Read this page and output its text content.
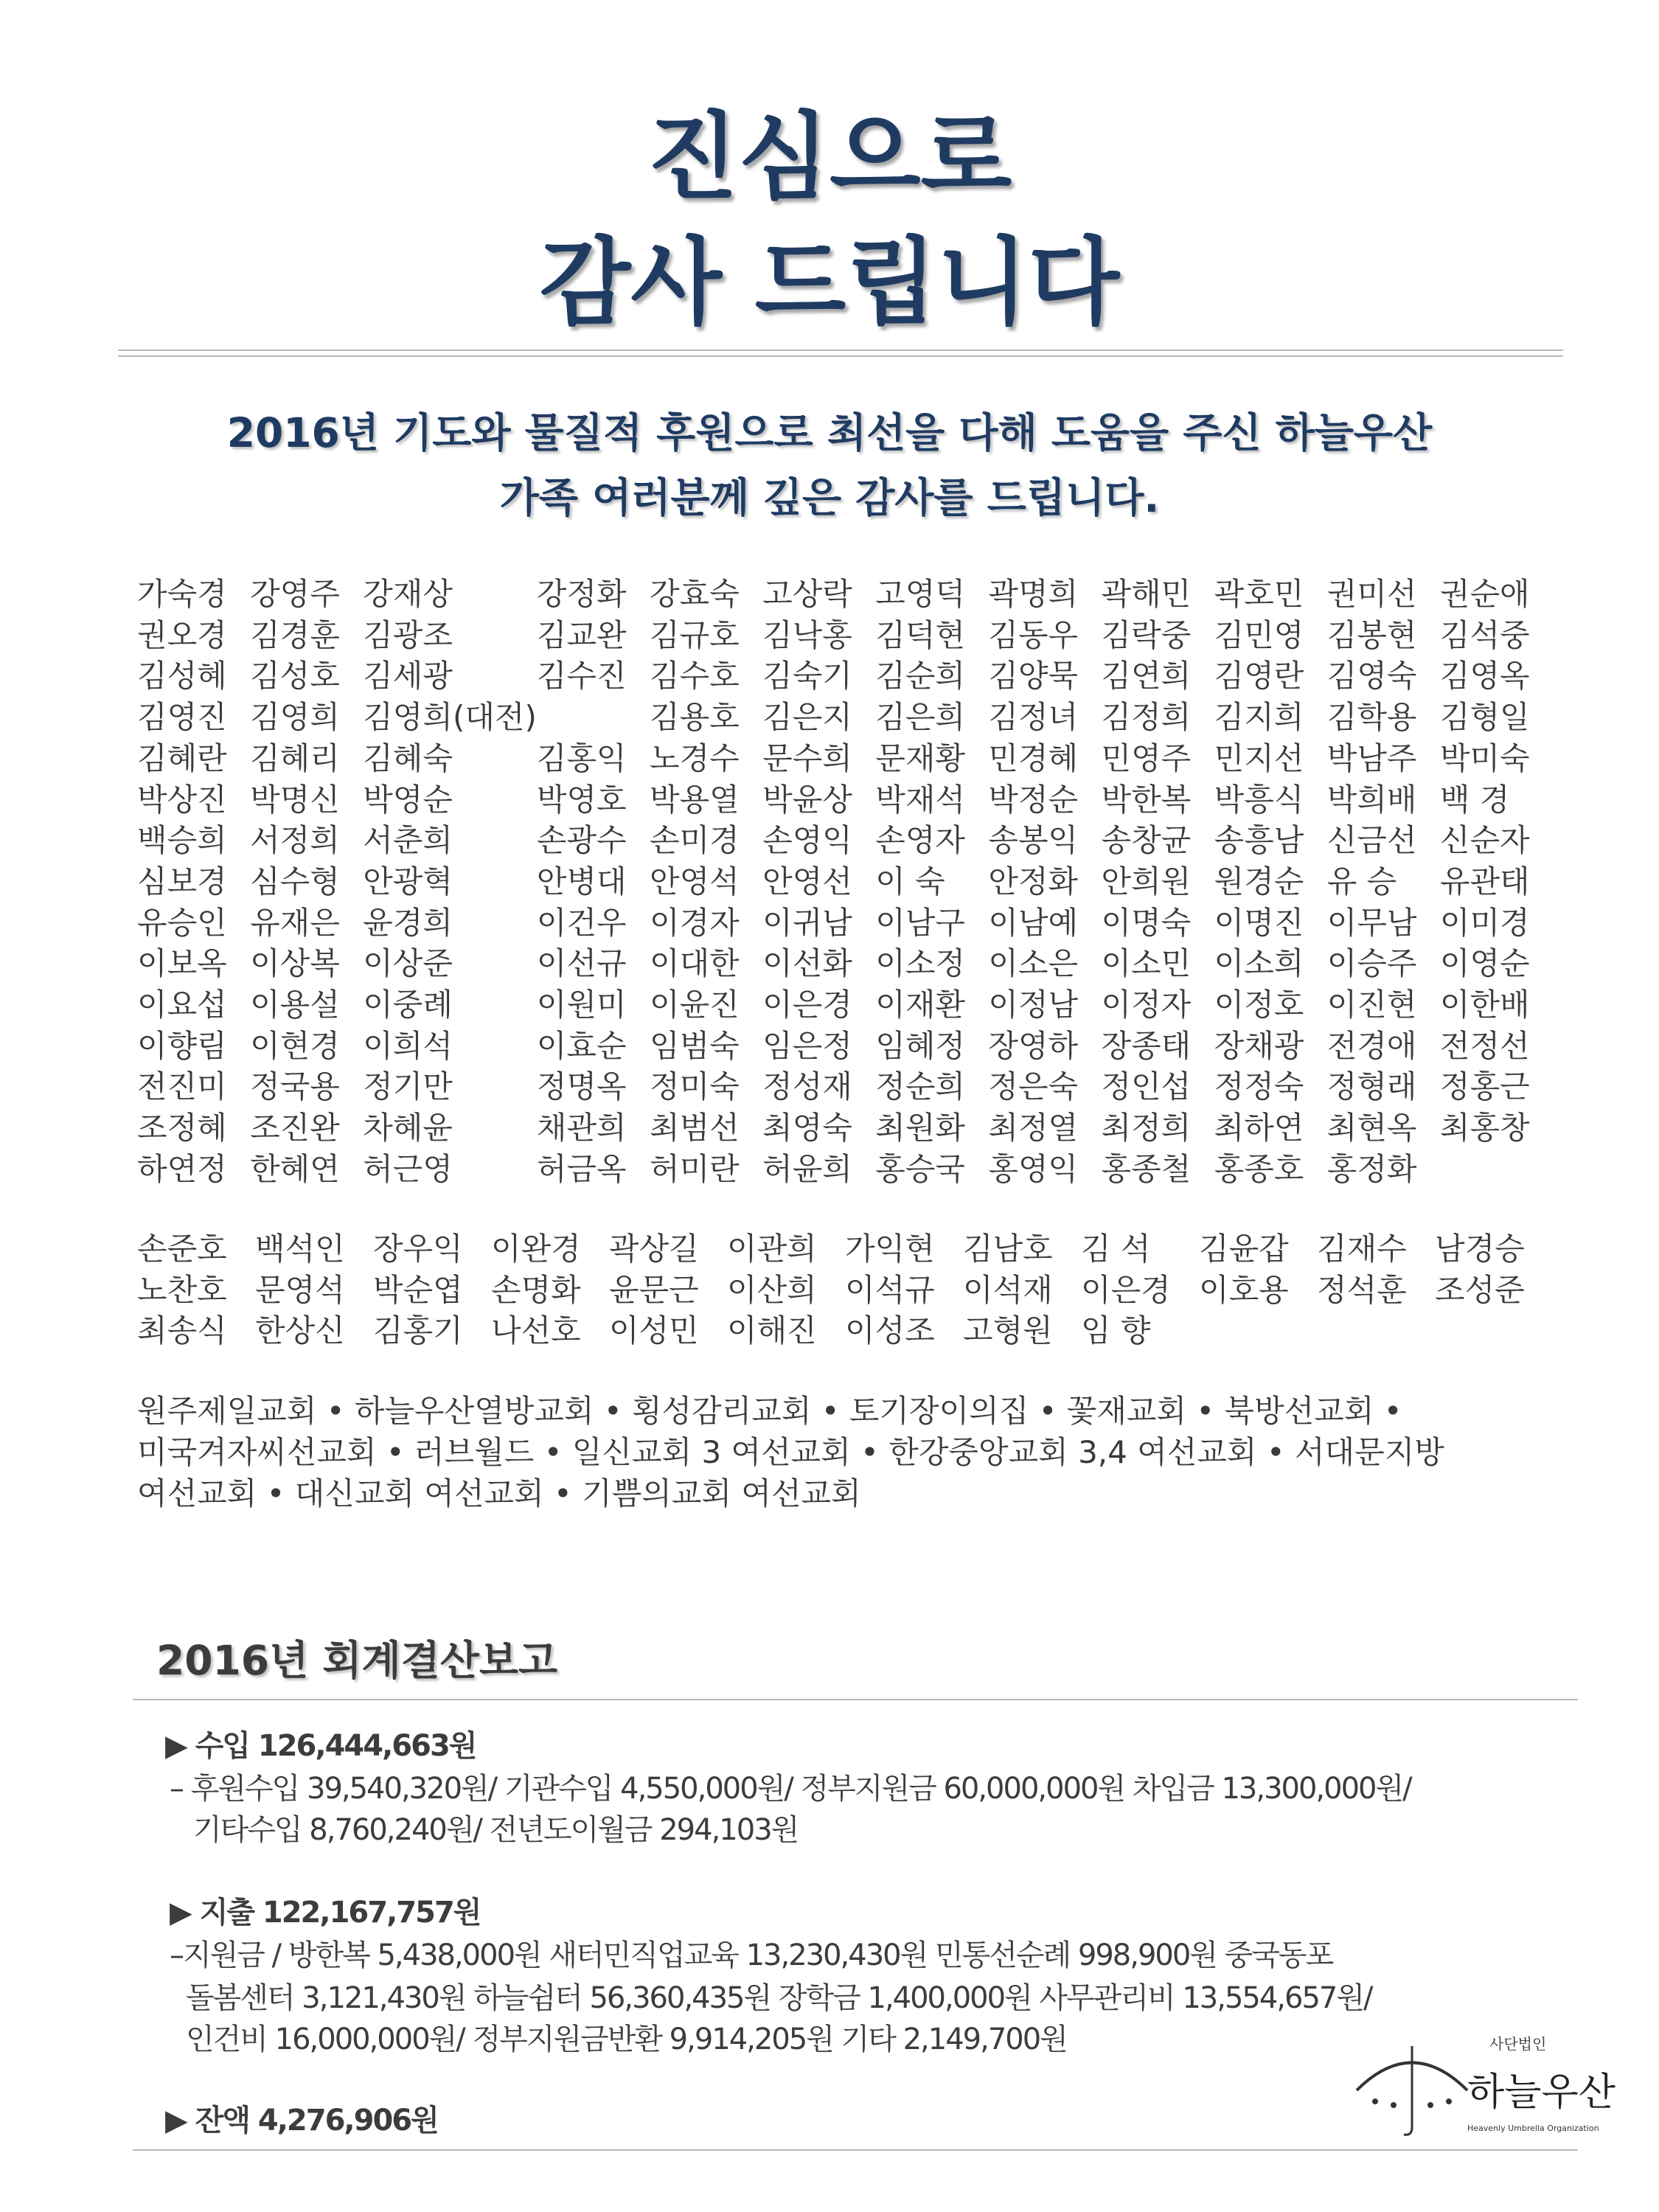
진심으로
감사 드립니다
2016년 기도와 물질적 후원으로 최선을 다해 도움을 주신 하늘우산
가족 여러분께 깊은 감사를 드립니다.
가숙경 강영주 강재상	강정화 강효숙 고상락 고영덕 곽명희 곽해민 곽호민 권미선 권순애
권오경 김경훈 김광조	김교완 김규호 김낙홍 김덕현 김동우 김락중 김민영 김봉현 김석중
김성혜 김성호 김세광	김수진 김수호 김숙기 김순희 김양묵 김연희 김영란 김영숙 김영옥
김영진 김영희 김영희(대전)	김용호 김은지 김은희 김정녀 김정희 김지희 김학용 김형일
김혜란 김혜리 김혜숙	김홍익 노경수 문수희 문재황 민경혜 민영주 민지선 박남주 박미숙
박상진 박명신 박영순	박영호 박용열 박윤상 박재석 박정순 박한복 박흥식 박희배 백 경
백승희 서정희 서춘희	손광수 손미경 손영익 손영자 송봉익 송창균 송흥남 신금선 신순자
심보경 심수형 안광혁	안병대 안영석 안영선 이 숙	안정화 안희원 원경순 유 승	유관태
유승인 유재은 윤경희	이건우 이경자 이귀남 이남구 이남예 이명숙 이명진 이무남 이미경
이보옥 이상복 이상준	이선규 이대한 이선화 이소정 이소은 이소민 이소희 이승주 이영순
이요섭 이용설 이중례	이원미 이윤진 이은경 이재환 이정남 이정자 이정호 이진현 이한배
이향림 이현경 이희석	이효순 임범숙 임은정 임혜정 장영하 장종태 장채광 전경애 전정선
전진미 정국용 정기만	정명옥 정미숙 정성재 정순희 정은숙 정인섭 정정숙 정형래 정홍근
조정혜 조진완 차혜윤	채관희 최범선 최영숙 최원화 최정열 최정희 최하연 최현옥 최홍창
하연정 한혜연 허근영	허금옥 허미란 허윤희 홍승국 홍영익 홍종철 홍종호 홍정화
손준호 백석인 장우익 이완경 곽상길 이관희 가익현 김남호 김 석	김윤갑 김재수 남경승
노찬호 문영석 박순엽 손명화 윤문근 이산희 이석규 이석재 이은경 이호용 정석훈 조성준
최송식 한상신 김홍기 나선호 이성민 이해진 이성조 고형원 임 향
원주제일교회 • 하늘우산열방교회 • 횡성감리교회 • 토기장이의집 • 꽃재교회 • 북방선교회 •
미국겨자씨선교회 • 러브월드 • 일신교회 3 여선교회 • 한강중앙교회 3,4 여선교회 • 서대문지방
여선교회 • 대신교회 여선교회 • 기쁨의교회 여선교회
2016년 회계결산보고
▶ 수입 126,444,663원
– 후원수입 39,540,320원/ 기관수입 4,550,000원/ 정부지원금 60,000,000원 차입금 13,300,000원/
기타수입 8,760,240원/ 전년도이월금 294,103원
▶ 지출 122,167,757원
–지원금 / 방한복 5,438,000원 새터민직업교육 13,230,430원 민통선순례 998,900원 중국동포
돌봄센터 3,121,430원 하늘쉼터 56,360,435원 장학금 1,400,000원 사무관리비 13,554,657원/
인건비 16,000,000원/ 정부지원금반환 9,914,205원 기타 2,149,700원
▶ 잔액 4,276,906원
사단법인
하늘우산
Heavenly Umbrella Organization
